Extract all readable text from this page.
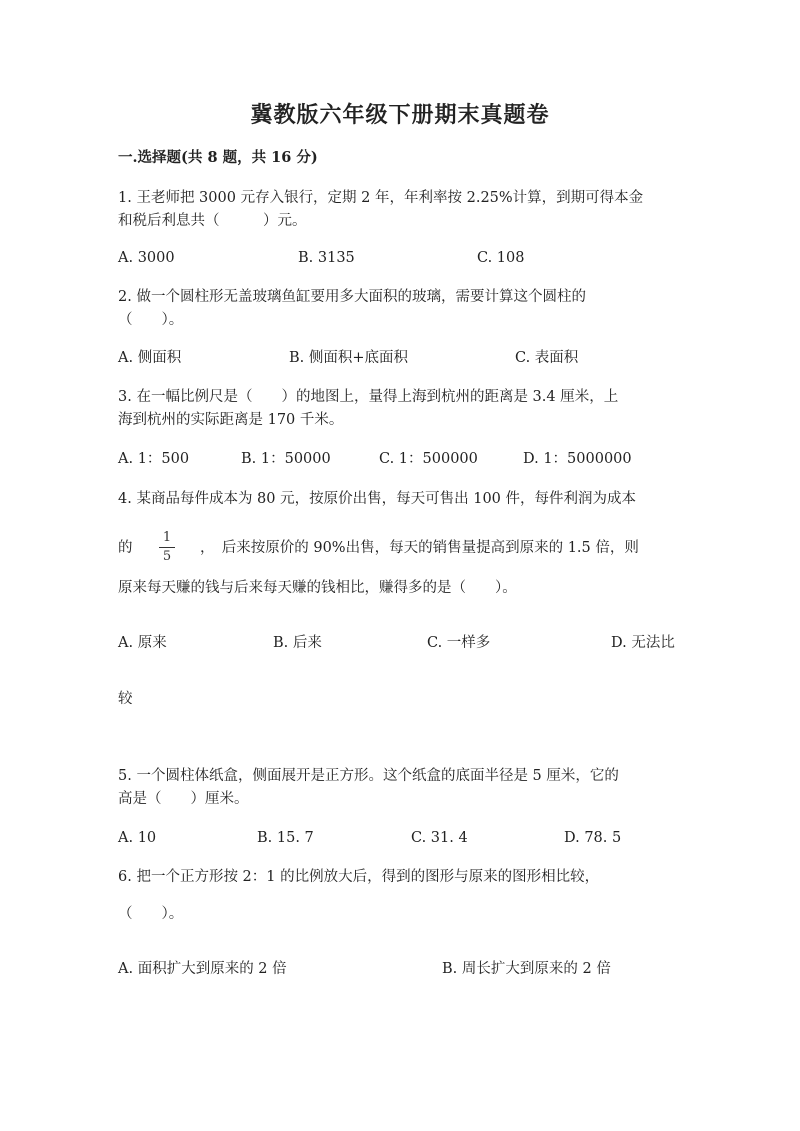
冀教版六年级下册期末真题卷
一.选择题(共 8 题，共 16 分)
1. 王老师把 3000 元存入银行，定期 2 年，年利率按 2.25%计算，到期可得本金
和税后利息共（　　　）元。
A. 3000	B. 3135	C. 108
2. 做一个圆柱形无盖玻璃鱼缸要用多大面积的玻璃，需要计算这个圆柱的
（　　）。
A. 侧面积	B. 侧面积+底面积	C. 表面积
3. 在一幅比例尺是（　　）的地图上，量得上海到杭州的距离是 3.4 厘米，上
海到杭州的实际距离是 170 千米。
A. 1：500	B. 1：50000	C. 1：500000	D. 1：5000000
4. 某商品每件成本为 80 元，按原价出售，每天可售出 100 件，每件利润为成本
的
1
5
，　后来按原价的 90%出售，每天的销售量提高到原来的 1.5 倍，则
原来每天赚的钱与后来每天赚的钱相比，赚得多的是（　　）。
A. 原来	B. 后来	C. 一样多	D. 无法比
较
5. 一个圆柱体纸盒，侧面展开是正方形。这个纸盒的底面半径是 5 厘米，它的
高是（　　）厘米。
A. 10	B. 15. 7	C. 31. 4	D. 78. 5
6. 把一个正方形按 2：1 的比例放大后，得到的图形与原来的图形相比较，
（　　）。
A. 面积扩大到原来的 2 倍	B. 周长扩大到原来的 2 倍
